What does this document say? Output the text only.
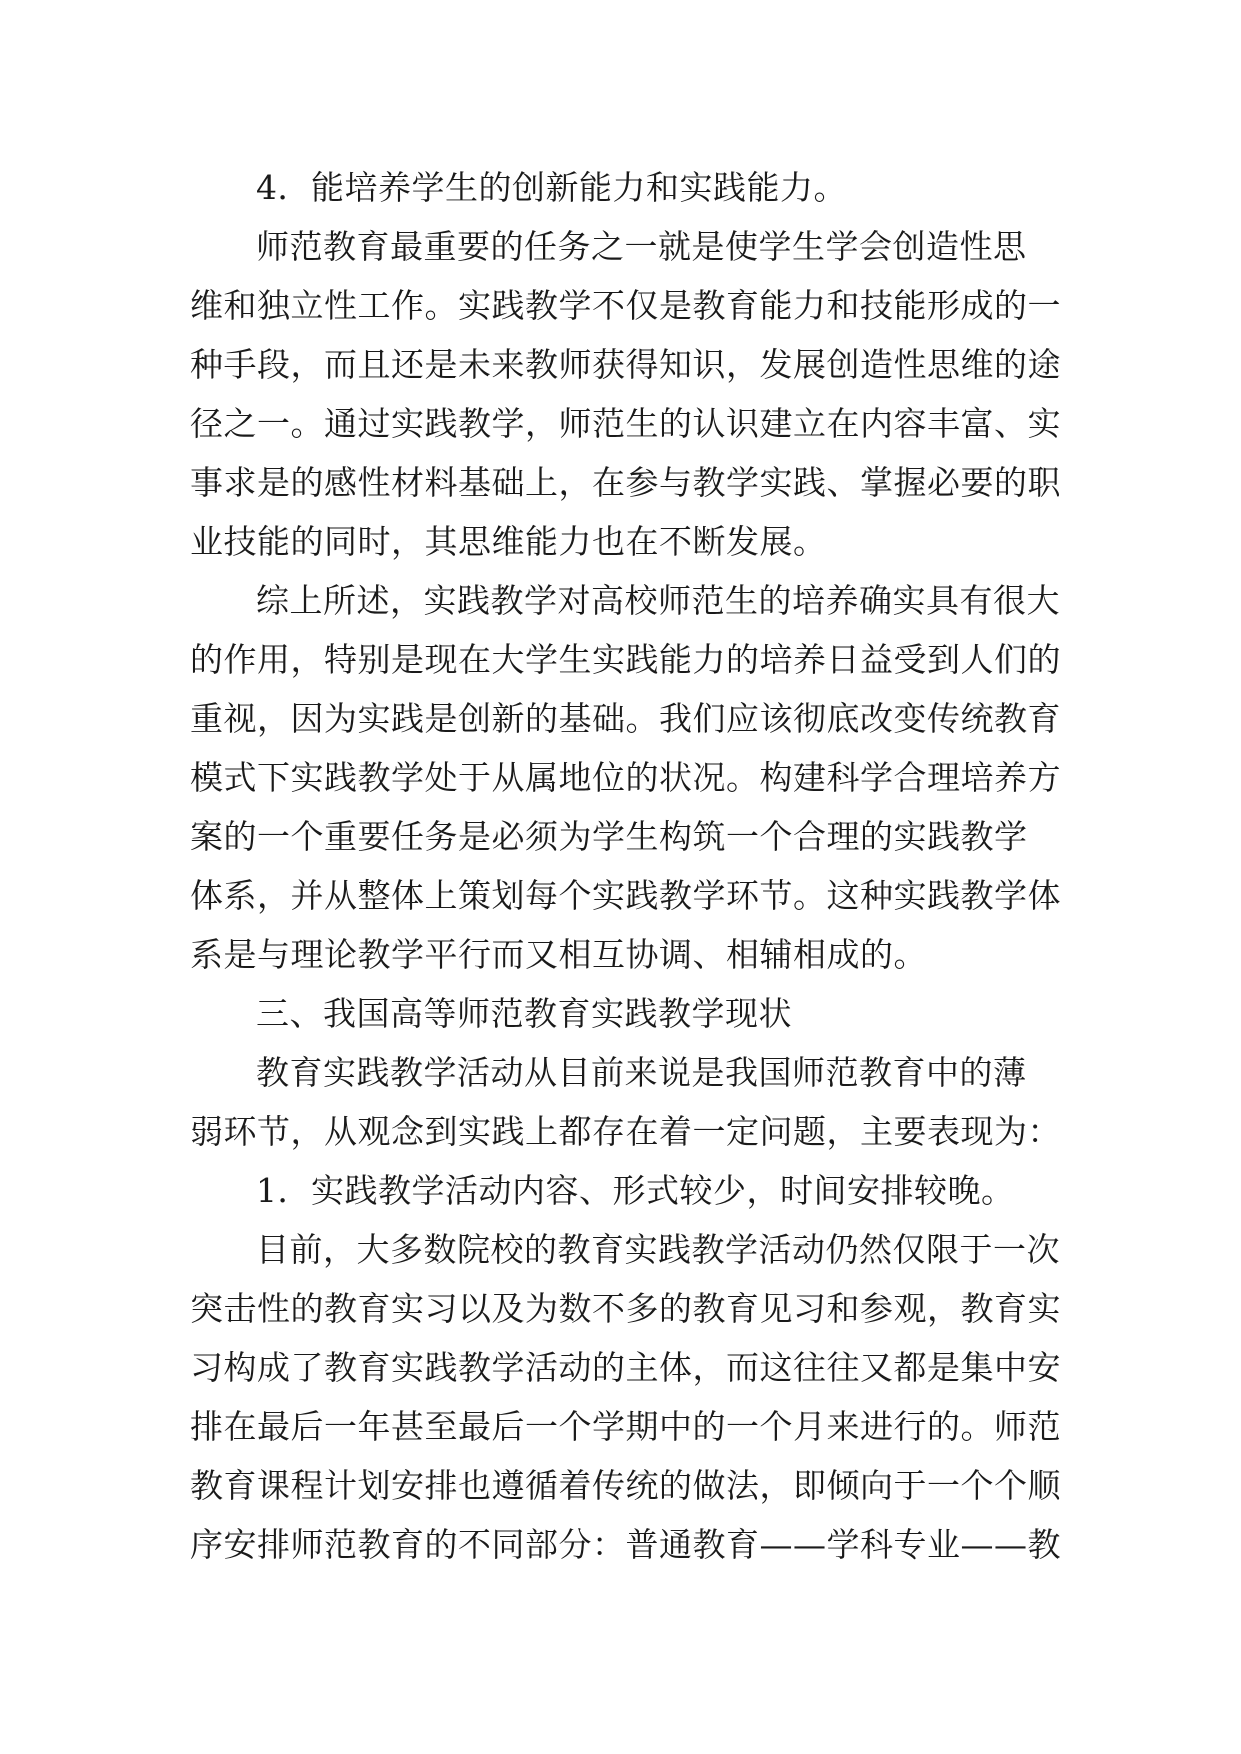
4．能培养学生的创新能力和实践能力。
师范教育最重要的任务之一就是使学生学会创造性思
维和独立性工作。实践教学不仅是教育能力和技能形成的一
种手段，而且还是未来教师获得知识，发展创造性思维的途
径之一。通过实践教学，师范生的认识建立在内容丰富、实
事求是的感性材料基础上，在参与教学实践、掌握必要的职
业技能的同时，其思维能力也在不断发展。
综上所述，实践教学对高校师范生的培养确实具有很大
的作用，特别是现在大学生实践能力的培养日益受到人们的
重视，因为实践是创新的基础。我们应该彻底改变传统教育
模式下实践教学处于从属地位的状况。构建科学合理培养方
案的一个重要任务是必须为学生构筑一个合理的实践教学
体系，并从整体上策划每个实践教学环节。这种实践教学体
系是与理论教学平行而又相互协调、相辅相成的。
三、我国高等师范教育实践教学现状
教育实践教学活动从目前来说是我国师范教育中的薄
弱环节，从观念到实践上都存在着一定问题，主要表现为：
1．实践教学活动内容、形式较少，时间安排较晚。
目前，大多数院校的教育实践教学活动仍然仅限于一次
突击性的教育实习以及为数不多的教育见习和参观，教育实
习构成了教育实践教学活动的主体，而这往往又都是集中安
排在最后一年甚至最后一个学期中的一个月来进行的。师范
教育课程计划安排也遵循着传统的做法，即倾向于一个个顺
序安排师范教育的不同部分：普通教育——学科专业——教
